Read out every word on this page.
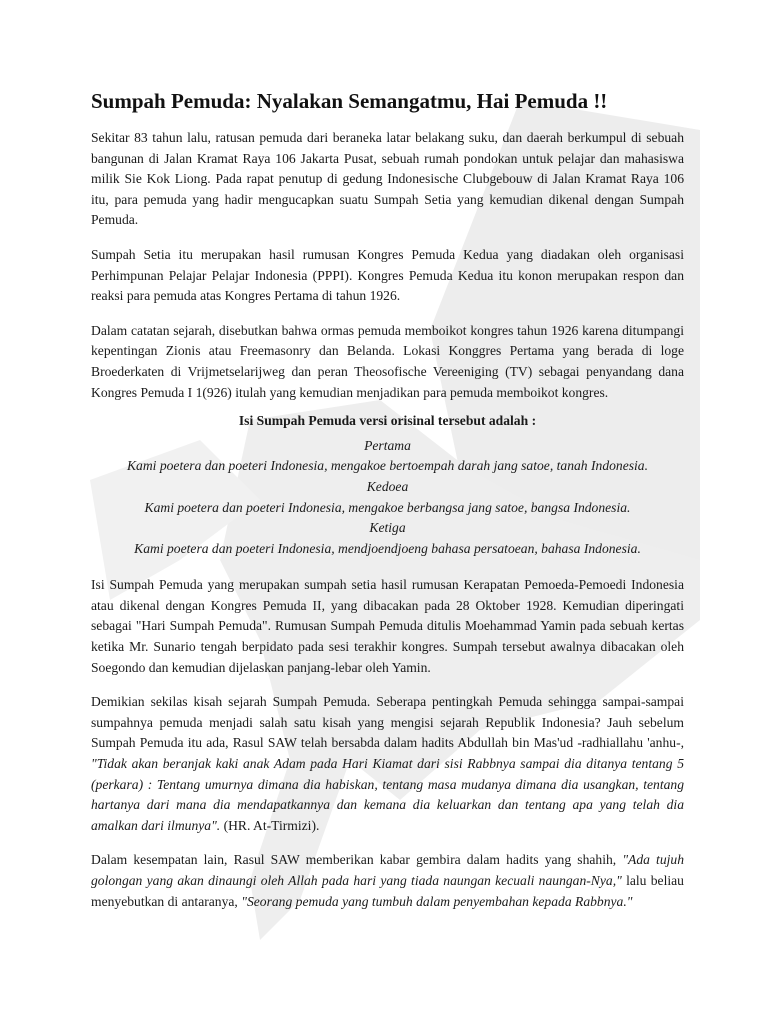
Sumpah Pemuda: Nyalakan Semangatmu, Hai Pemuda !!

Sekitar 83 tahun lalu, ratusan pemuda dari beraneka latar belakang suku, dan daerah berkumpul di sebuah bangunan di Jalan Kramat Raya 106 Jakarta Pusat, sebuah rumah pondokan untuk pelajar dan mahasiswa milik Sie Kok Liong. Pada rapat penutup di gedung Indonesische Clubgebouw di Jalan Kramat Raya 106 itu, para pemuda yang hadir mengucapkan suatu Sumpah Setia yang kemudian dikenal dengan Sumpah Pemuda.

Sumpah Setia itu merupakan hasil rumusan Kongres Pemuda Kedua yang diadakan oleh organisasi Perhimpunan Pelajar Pelajar Indonesia (PPPI). Kongres Pemuda Kedua itu konon merupakan respon dan reaksi para pemuda atas Kongres Pertama di tahun 1926.

Dalam catatan sejarah, disebutkan bahwa ormas pemuda memboikot kongres tahun 1926 karena ditumpangi kepentingan Zionis atau Freemasonry dan Belanda. Lokasi Konggres Pertama yang berada di loge Broederkaten di Vrijmetselarijweg dan peran Theosofische Vereeniging (TV) sebagai penyandang dana Kongres Pemuda I 1(926) itulah yang kemudian menjadikan para pemuda memboikot kongres.

Isi Sumpah Pemuda versi orisinal tersebut adalah :

Pertama

Kami poetera dan poeteri Indonesia, mengakoe bertoempah darah jang satoe, tanah Indonesia.

Kedoea

Kami poetera dan poeteri Indonesia, mengakoe berbangsa jang satoe, bangsa Indonesia.

Ketiga

Kami poetera dan poeteri Indonesia, mendjoendjoeng bahasa persatoean, bahasa Indonesia.

Isi Sumpah Pemuda yang merupakan sumpah setia hasil rumusan Kerapatan Pemoeda-Pemoedi Indonesia atau dikenal dengan Kongres Pemuda II, yang dibacakan pada 28 Oktober 1928. Kemudian diperingati sebagai "Hari Sumpah Pemuda". Rumusan Sumpah Pemuda ditulis Moehammad Yamin pada sebuah kertas ketika Mr. Sunario tengah berpidato pada sesi terakhir kongres. Sumpah tersebut awalnya dibacakan oleh Soegondo dan kemudian dijelaskan panjang-lebar oleh Yamin.

Demikian sekilas kisah sejarah Sumpah Pemuda. Seberapa pentingkah Pemuda sehingga sampai-sampai sumpahnya pemuda menjadi salah satu kisah yang mengisi sejarah Republik Indonesia? Jauh sebelum Sumpah Pemuda itu ada, Rasul SAW telah bersabda dalam hadits Abdullah bin Mas'ud -radhiallahu 'anhu-, "Tidak akan beranjak kaki anak Adam pada Hari Kiamat dari sisi Rabbnya sampai dia ditanya tentang 5 (perkara) : Tentang umurnya dimana dia habiskan, tentang masa mudanya dimana dia usangkan, tentang hartanya dari mana dia mendapatkannya dan kemana dia keluarkan dan tentang apa yang telah dia amalkan dari ilmunya". (HR. At-Tirmizi).

Dalam kesempatan lain, Rasul SAW memberikan kabar gembira dalam hadits yang shahih, "Ada tujuh golongan yang akan dinaungi oleh Allah pada hari yang tiada naungan kecuali naungan-Nya," lalu beliau menyebutkan di antaranya, "Seorang pemuda yang tumbuh dalam penyembahan kepada Rabbnya."
